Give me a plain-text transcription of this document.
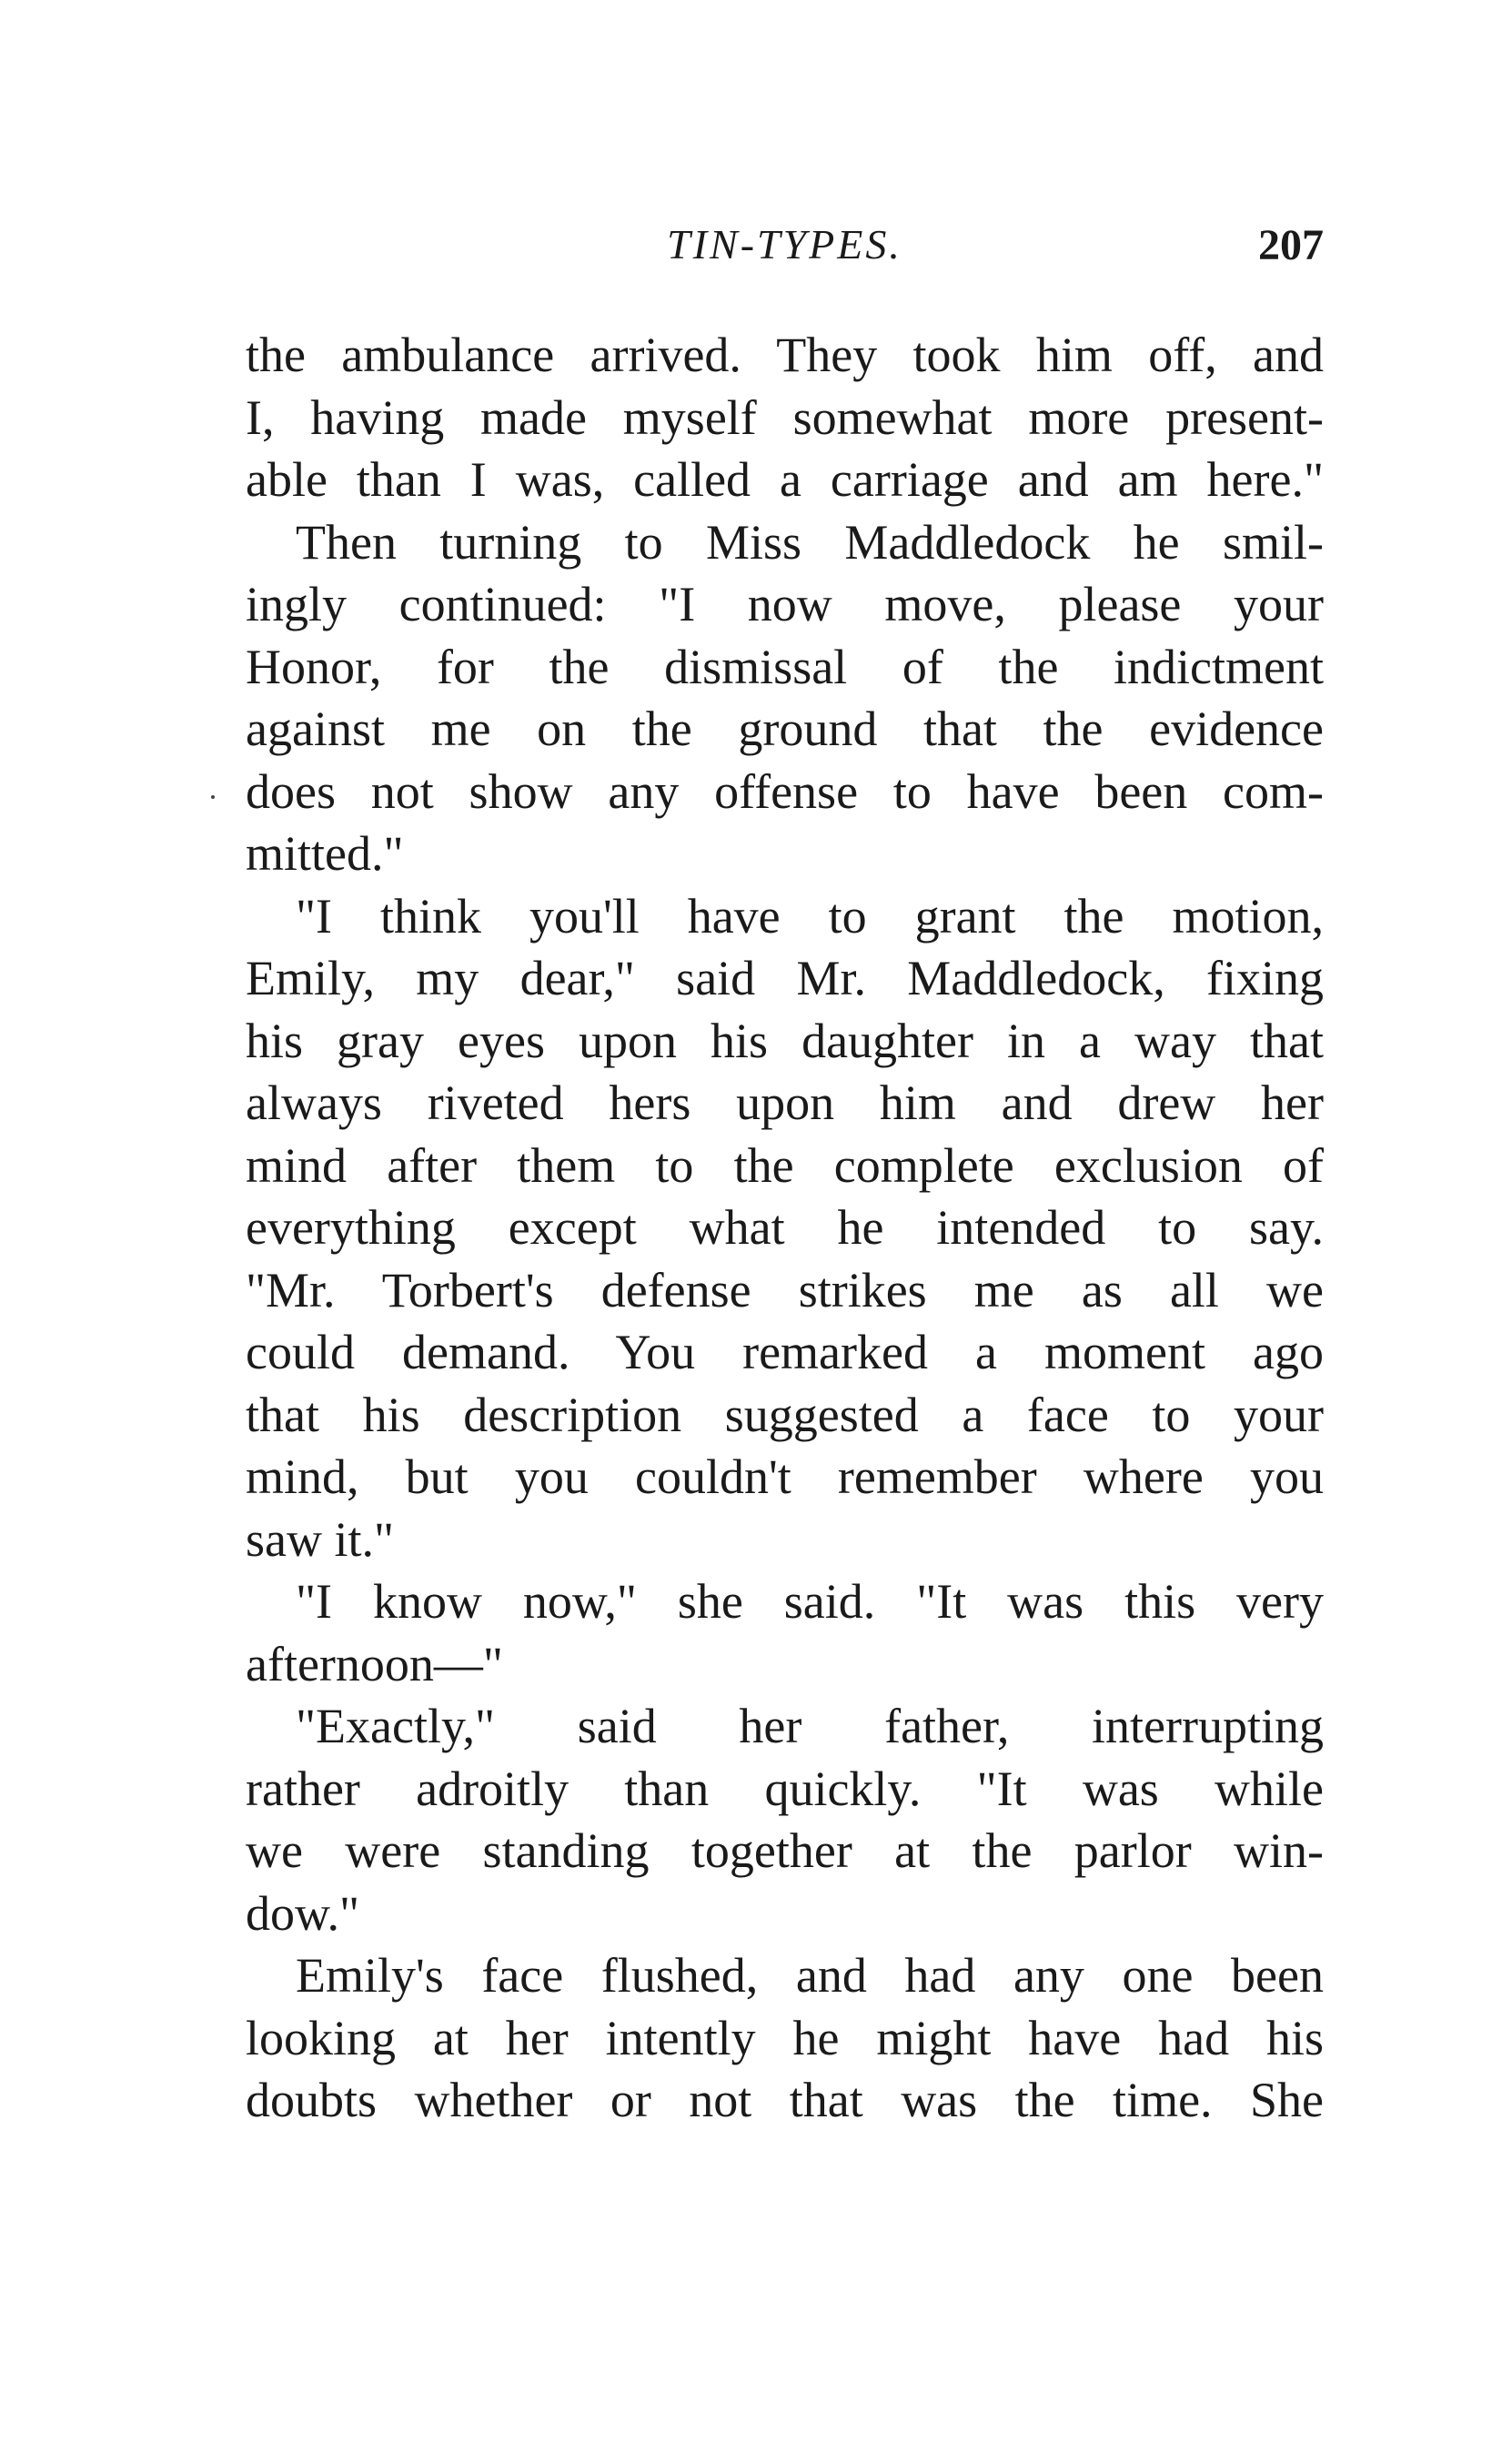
TIN-TYPES.	207
the ambulance arrived. They took him off, and
I, having made myself somewhat more present-
able than I was, called a carriage and am here."
Then turning to Miss Maddledock he smil-
ingly continued: "I now move, please your
Honor, for the dismissal of the indictment
against me on the ground that the evidence
does not show any offense to have been com-
mitted."
"I think you'll have to grant the motion,
Emily, my dear," said Mr. Maddledock, fixing
his gray eyes upon his daughter in a way that
always riveted hers upon him and drew her
mind after them to the complete exclusion of
everything except what he intended to say.
"Mr. Torbert's defense strikes me as all we
could demand. You remarked a moment ago
that his description suggested a face to your
mind, but you couldn't remember where you
saw it."
"I know now," she said. "It was this very
afternoon—"
"Exactly," said her father, interrupting
rather adroitly than quickly. "It was while
we were standing together at the parlor win-
dow."
Emily's face flushed, and had any one been
looking at her intently he might have had his
doubts whether or not that was the time. She
